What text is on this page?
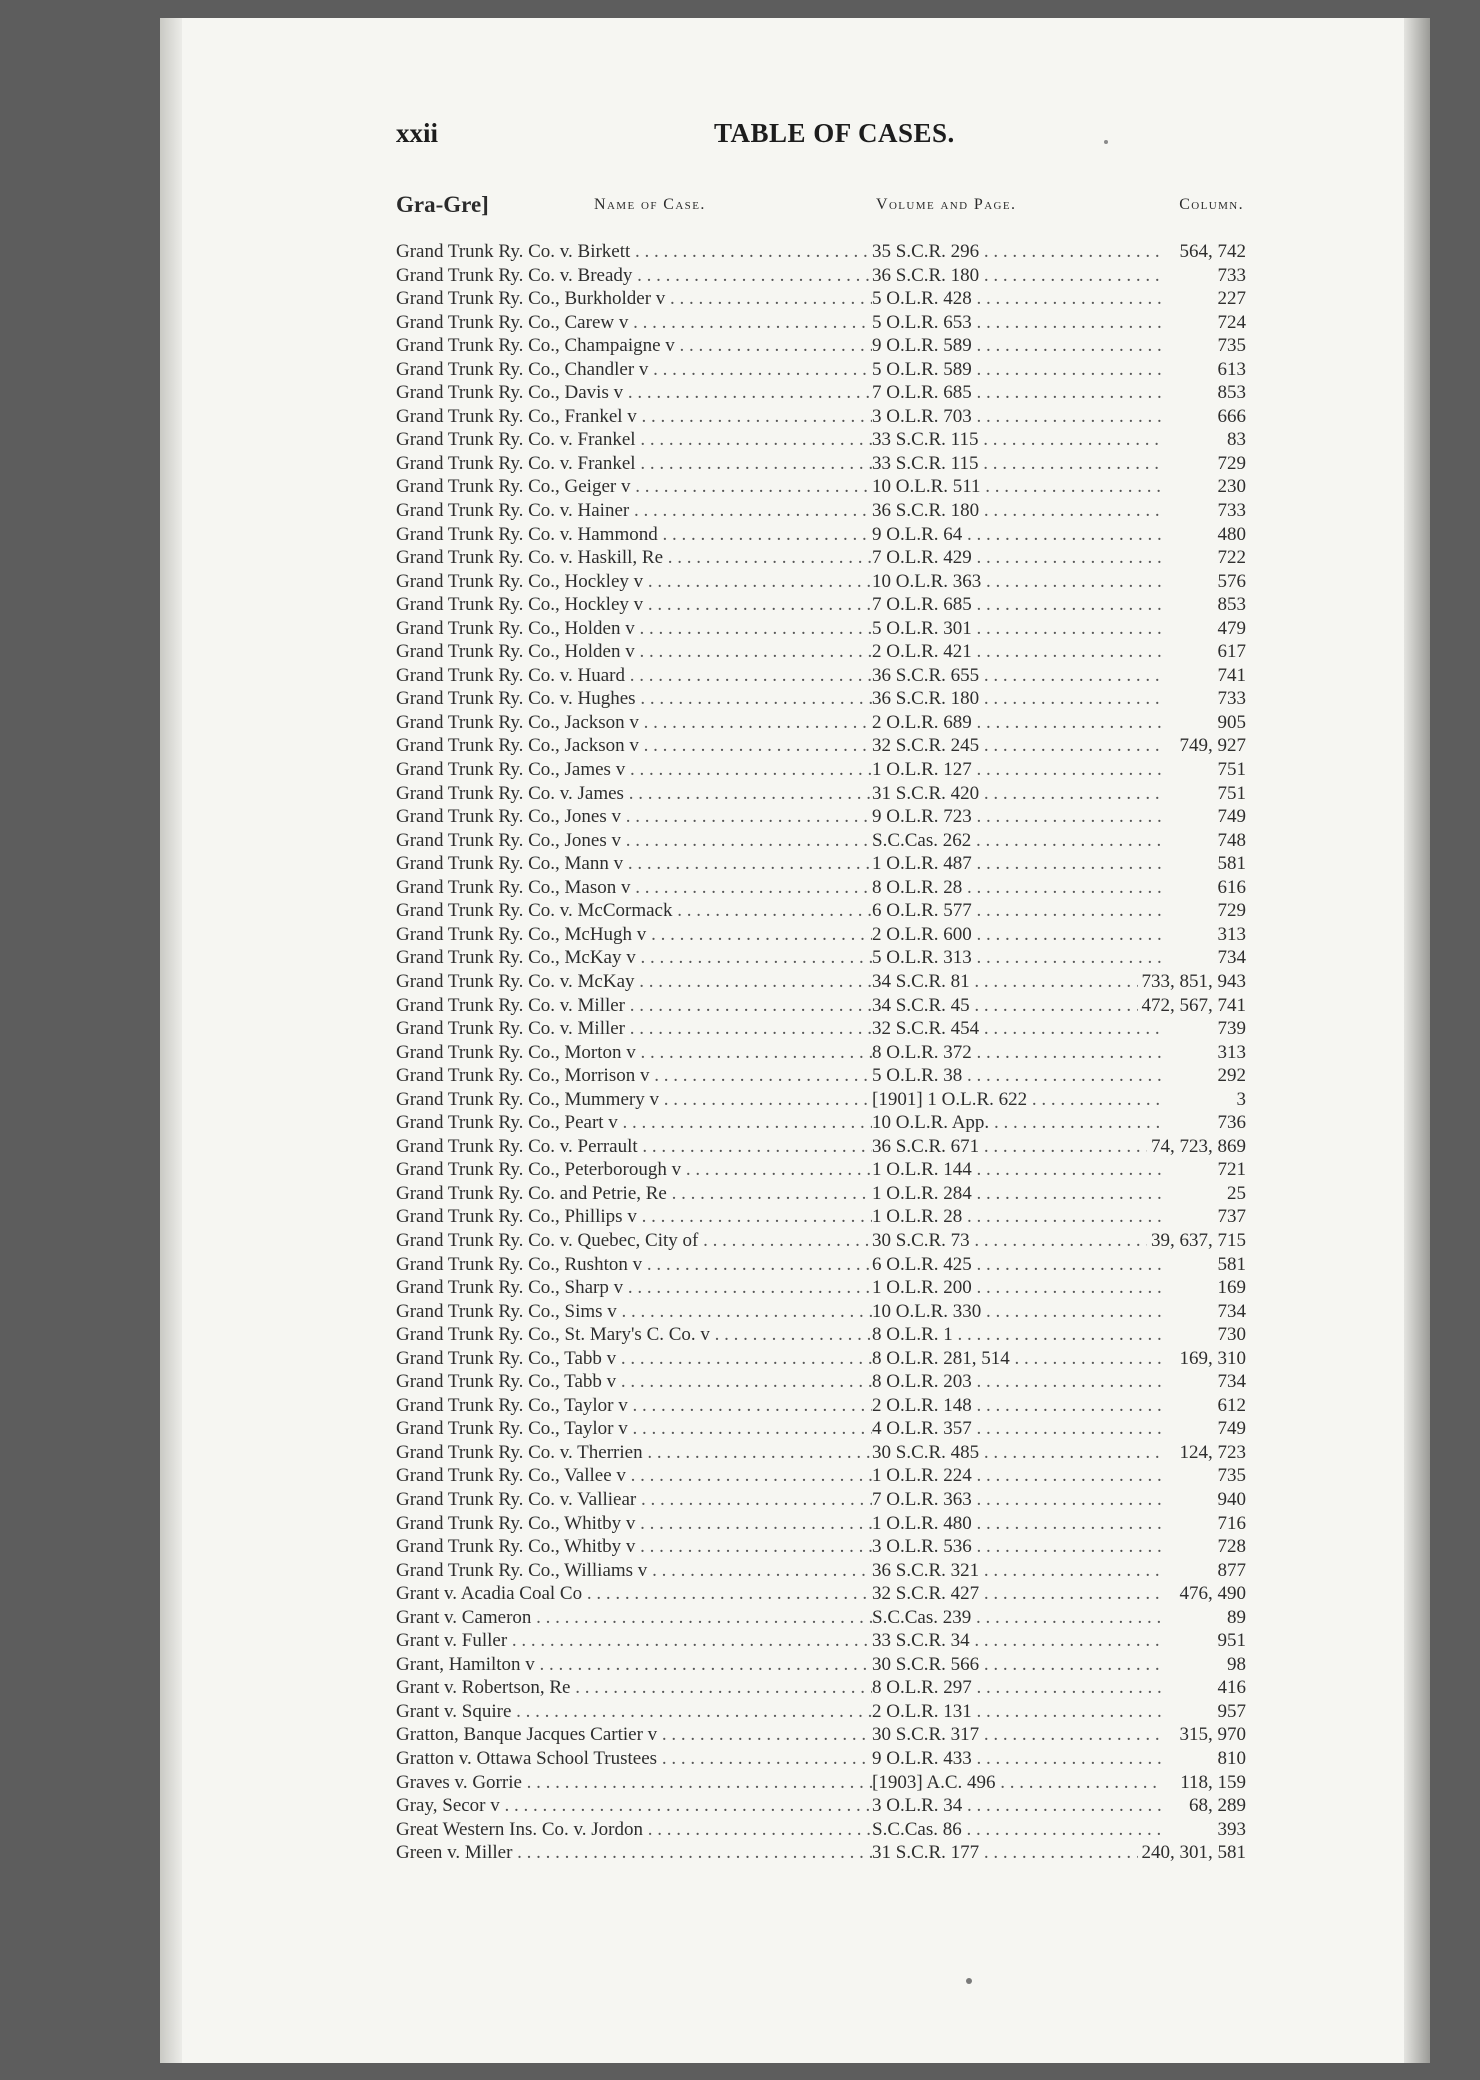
xxii	TABLE OF CASES.
Gra-Gre]	Name of Case.	Volume and Page.	Column.
Grand Trunk Ry. Co. v. Birkett . . .	35 S.C.R. 296 . . .	564, 742
Grand Trunk Ry. Co. v. Bready . . .	36 S.C.R. 180 . . .	733
Grand Trunk Ry. Co., Burkholder v . . .	5 O.L.R. 428 . . .	227
Grand Trunk Ry. Co., Carew v . . .	5 O.L.R. 653 . . .	724
Grand Trunk Ry. Co., Champaigne v . . .	9 O.L.R. 589 . . .	735
Grand Trunk Ry. Co., Chandler v . . .	5 O.L.R. 589 . . .	613
Grand Trunk Ry. Co., Davis v . . .	7 O.L.R. 685 . . .	853
Grand Trunk Ry. Co., Frankel v . . .	3 O.L.R. 703 . . .	666
Grand Trunk Ry. Co. v. Frankel . . .	33 S.C.R. 115 . . .	83
Grand Trunk Ry. Co. v. Frankel . . .	33 S.C.R. 115 . . .	729
Grand Trunk Ry. Co., Geiger v . . .	10 O.L.R. 511 . . .	230
Grand Trunk Ry. Co. v. Hainer . . .	36 S.C.R. 180 . . .	733
Grand Trunk Ry. Co. v. Hammond . . .	9 O.L.R. 64 . . .	480
Grand Trunk Ry. Co. v. Haskill, Re . . .	7 O.L.R. 429 . . .	722
Grand Trunk Ry. Co., Hockley v . . .	10 O.L.R. 363 . . .	576
Grand Trunk Ry. Co., Hockley v . . .	7 O.L.R. 685 . . .	853
Grand Trunk Ry. Co., Holden v . . .	5 O.L.R. 301 . . .	479
Grand Trunk Ry. Co., Holden v . . .	2 O.L.R. 421 . . .	617
Grand Trunk Ry. Co. v. Huard . . .	36 S.C.R. 655 . . .	741
Grand Trunk Ry. Co. v. Hughes . . .	36 S.C.R. 180 . . .	733
Grand Trunk Ry. Co., Jackson v . . .	2 O.L.R. 689 . . .	905
Grand Trunk Ry. Co., Jackson v . . .	32 S.C.R. 245 . . .	749, 927
Grand Trunk Ry. Co., James v . . .	1 O.L.R. 127 . . .	751
Grand Trunk Ry. Co. v. James . . .	31 S.C.R. 420 . . .	751
Grand Trunk Ry. Co., Jones v . . .	9 O.L.R. 723 . . .	749
Grand Trunk Ry. Co., Jones v . . .	S.C.Cas. 262 . . .	748
Grand Trunk Ry. Co., Mann v . . .	1 O.L.R. 487 . . .	581
Grand Trunk Ry. Co., Mason v . . .	8 O.L.R. 28 . . .	616
Grand Trunk Ry. Co. v. McCormack . . .	6 O.L.R. 577 . . .	729
Grand Trunk Ry. Co., McHugh v . . .	2 O.L.R. 600 . . .	313
Grand Trunk Ry. Co., McKay v . . .	5 O.L.R. 313 . . .	734
Grand Trunk Ry. Co. v. McKay . . .	34 S.C.R. 81 . . .	733, 851, 943
Grand Trunk Ry. Co. v. Miller . . .	34 S.C.R. 45 . . .	472, 567, 741
Grand Trunk Ry. Co. v. Miller . . .	32 S.C.R. 454 . . .	739
Grand Trunk Ry. Co., Morton v . . .	8 O.L.R. 372 . . .	313
Grand Trunk Ry. Co., Morrison v . . .	5 O.L.R. 38 . . .	292
Grand Trunk Ry. Co., Mummery v . . .	[1901] 1 O.L.R. 622 . . .	3
Grand Trunk Ry. Co., Peart v . . .	10 O.L.R. App. . . .	736
Grand Trunk Ry. Co. v. Perrault . . .	36 S.C.R. 671 . . .	74, 723, 869
Grand Trunk Ry. Co., Peterborough v . . .	1 O.L.R. 144 . . .	721
Grand Trunk Ry. Co. and Petrie, Re . . .	1 O.L.R. 284 . . .	25
Grand Trunk Ry. Co., Phillips v . . .	1 O.L.R. 28 . . .	737
Grand Trunk Ry. Co. v. Quebec, City of . . .	30 S.C.R. 73 . . .	39, 637, 715
Grand Trunk Ry. Co., Rushton v . . .	6 O.L.R. 425 . . .	581
Grand Trunk Ry. Co., Sharp v . . .	1 O.L.R. 200 . . .	169
Grand Trunk Ry. Co., Sims v . . .	10 O.L.R. 330 . . .	734
Grand Trunk Ry. Co., St. Mary's C. Co. v . . .	8 O.L.R. 1 . . .	730
Grand Trunk Ry. Co., Tabb v . . .	8 O.L.R. 281, 514 . . .	169, 310
Grand Trunk Ry. Co., Tabb v . . .	8 O.L.R. 203 . . .	734
Grand Trunk Ry. Co., Taylor v . . .	2 O.L.R. 148 . . .	612
Grand Trunk Ry. Co., Taylor v . . .	4 O.L.R. 357 . . .	749
Grand Trunk Ry. Co. v. Therrien . . .	30 S.C.R. 485 . . .	124, 723
Grand Trunk Ry. Co., Vallee v . . .	1 O.L.R. 224 . . .	735
Grand Trunk Ry. Co. v. Valliear . . .	7 O.L.R. 363 . . .	940
Grand Trunk Ry. Co., Whitby v . . .	1 O.L.R. 480 . . .	716
Grand Trunk Ry. Co., Whitby v . . .	3 O.L.R. 536 . . .	728
Grand Trunk Ry. Co., Williams v . . .	36 S.C.R. 321 . . .	877
Grant v. Acadia Coal Co . . .	32 S.C.R. 427 . . .	476, 490
Grant v. Cameron . . .	S.C.Cas. 239 . . .	89
Grant v. Fuller . . .	33 S.C.R. 34 . . .	951
Grant, Hamilton v . . .	30 S.C.R. 566 . . .	98
Grant v. Robertson, Re . . .	8 O.L.R. 297 . . .	416
Grant v. Squire . . .	2 O.L.R. 131 . . .	957
Gratton, Banque Jacques Cartier v . . .	30 S.C.R. 317 . . .	315, 970
Gratton v. Ottawa School Trustees . . .	9 O.L.R. 433 . . .	810
Graves v. Gorrie . . .	[1903] A.C. 496 . . .	118, 159
Gray, Secor v . . .	3 O.L.R. 34 . . .	68, 289
Great Western Ins. Co. v. Jordon . . .	S.C.Cas. 86 . . .	393
Green v. Miller . . .	31 S.C.R. 177 . . .	240, 301, 581
